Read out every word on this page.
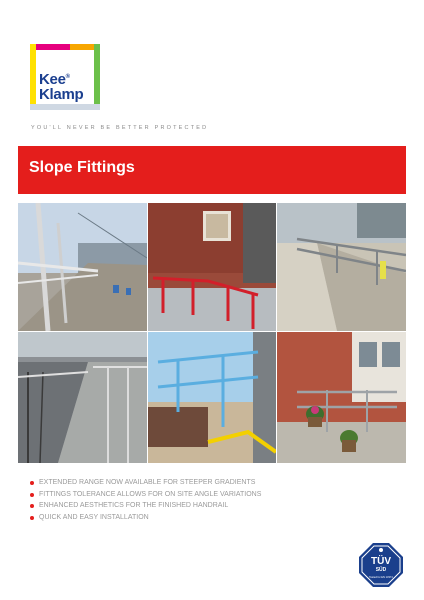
Kee®
Klamp
YOU'LL NEVER BE BETTER PROTECTED
Slope Fittings
EXTENDED RANGE NOW AVAILABLE FOR STEEPER GRADIENTS
FITTINGS TOLERANCE ALLOWS FOR ON SITE ANGLE VARIATIONS
ENHANCED AESTHETICS FOR THE FINISHED HANDRAIL
QUICK AND EASY INSTALLATION
TÜV
SÜD
Tested for EN 13374
